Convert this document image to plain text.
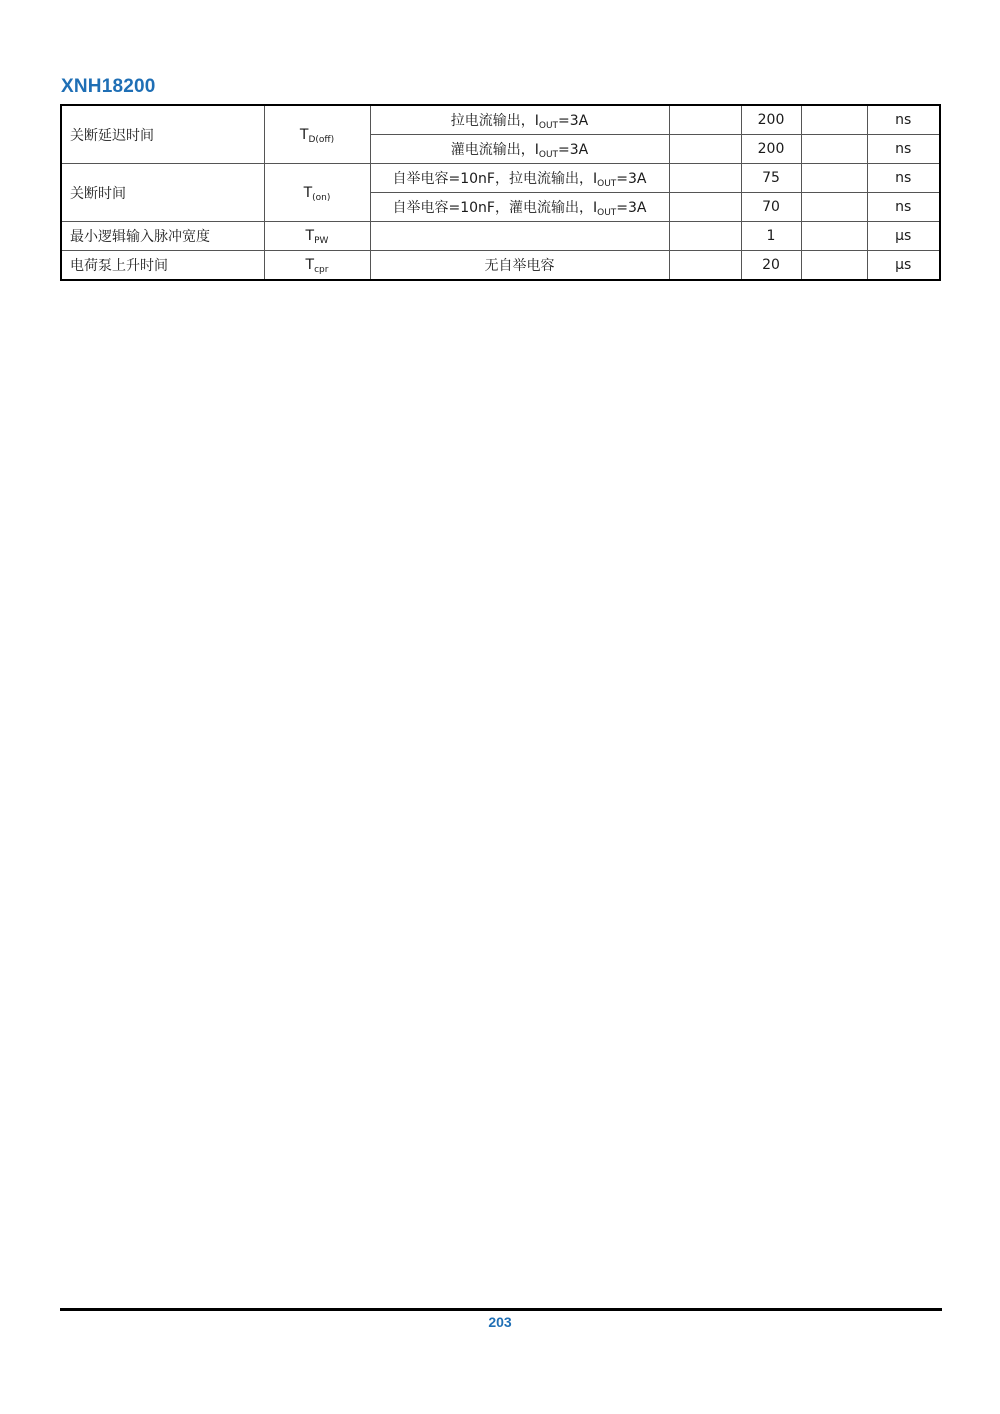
XNH18200
关断延迟时间	$T_{D(off)}$	拉电流输出，$I_{OUT}=3A$		200		ns
		灌电流输出，$I_{OUT}=3A$		200		ns
关断时间	$T_{(on)}$	自举电容=10nF，拉电流输出，$I_{OUT}=3A$		75		ns
		自举电容=10nF，灌电流输出，$I_{OUT}=3A$		70		ns
最小逻辑输入脉冲宽度	$T_{PW}$			1		μs
电荷泵上升时间	$T_{cpr}$	无自举电容		20		μs
203
